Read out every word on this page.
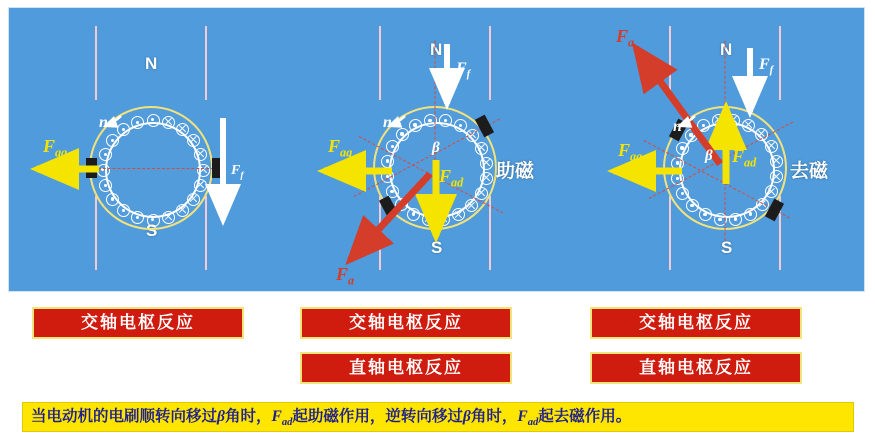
N
S
$F_{aq}$
n
$F_f$
N
S
$F_{aq}$
$F_{ad}$
$F_a$
$F_f$
n
β
助磁
N
S
$F_{aq}$	$F_{ad}$
$F_a$
$F_f$
n
β
去磁
交轴电枢反应	交轴电枢反应
直轴电枢反应
交轴电枢反应
直轴电枢反应
当电动机的电刷顺转向移过β角时，$F_{ad}$起助磁作用，逆转向移过β角时，$F_{ad}$起去磁作用。
